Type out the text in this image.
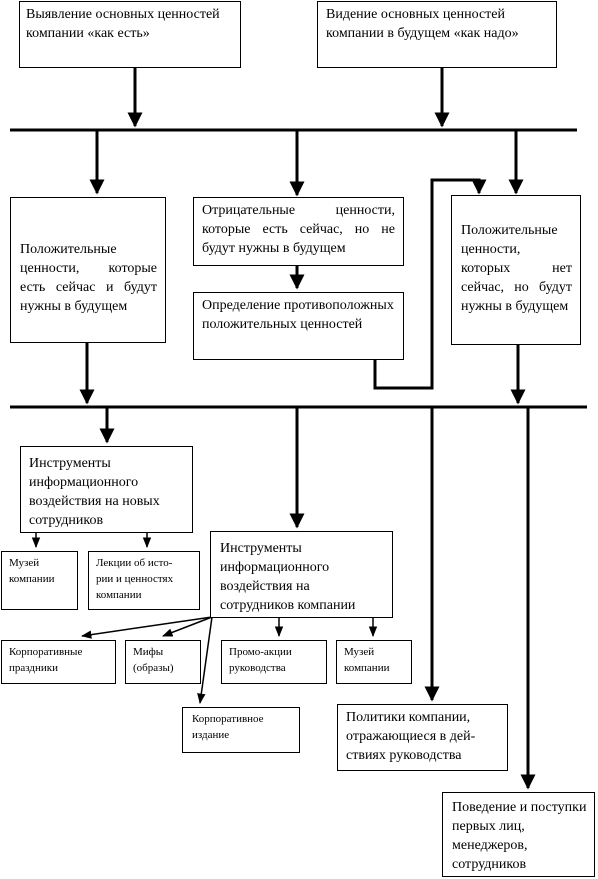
Выявление основных ценностей компании «как есть»
Видение основных ценностей компании в будущем «как надо»
Положительные ценности, которые есть сейчас и будут нужны в будущем
Отрицательные ценности, которые есть сейчас, но не будут нужны в будущем
Определение противоположных положительных ценностей
Положительные ценности, которых нет сейчас, но будут нужны в будущем
Инструменты информационного воздействия на новых сотрудников
Музей компании
Лекции об исто-
рии и ценностях
компании
Инструменты информационного воздействия на сотрудников компании
Корпоративные праздники
Мифы (образы)
Промо-акции руководства
Музей компании
Корпоративное издание
Политики компании,
отражающиеся в дей-
ствиях руководства
Поведение и поступки первых лиц, менеджеров, сотрудников
